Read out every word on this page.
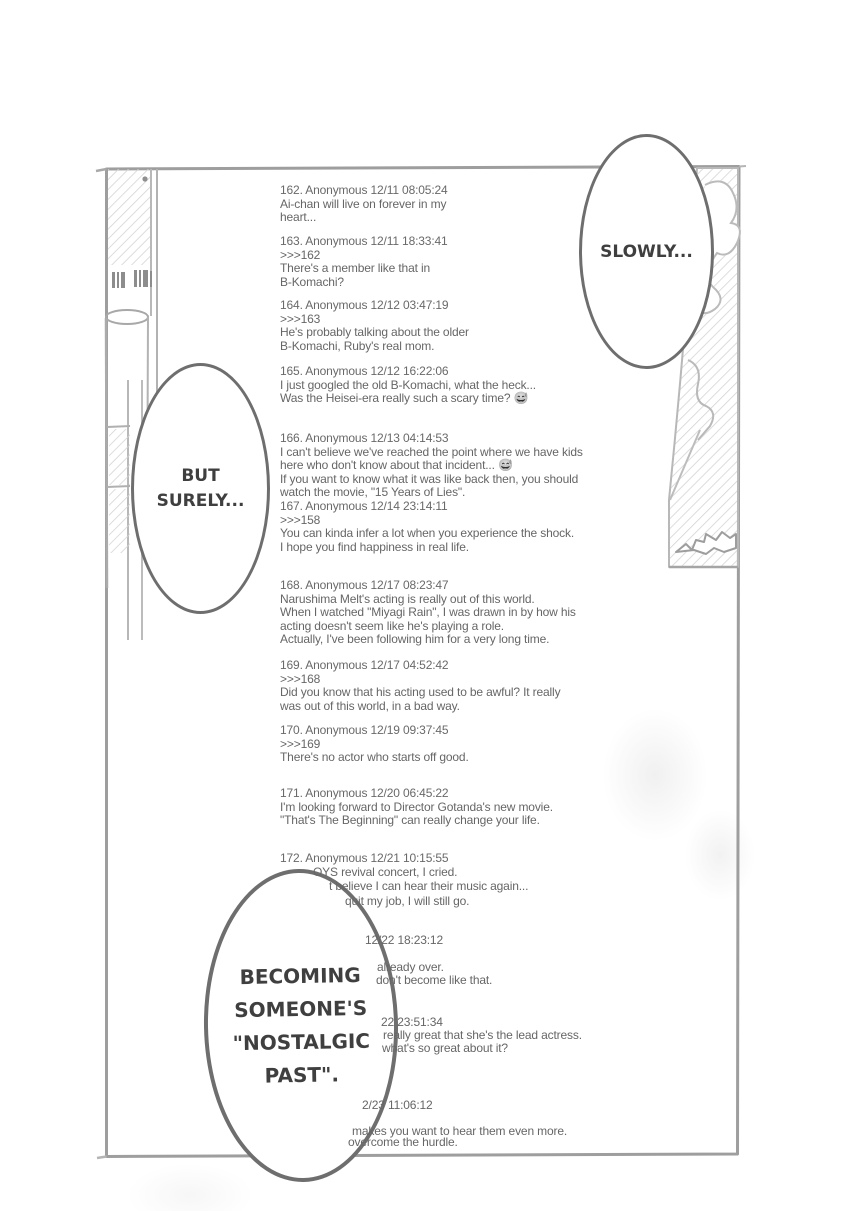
162. Anonymous 12/11 08:05:24
Ai-chan will live on forever in my
heart...
163. Anonymous 12/11 18:33:41
>>>162
There's a member like that in
B-Komachi?
164. Anonymous 12/12 03:47:19
>>>163
He's probably talking about the older
B-Komachi, Ruby's real mom.
165. Anonymous 12/12 16:22:06
I just googled the old B-Komachi, what the heck...
Was the Heisei-era really such a scary time? 😅
166. Anonymous 12/13 04:14:53
I can't believe we've reached the point where we have kids
here who don't know about that incident... 😅
If you want to know what it was like back then, you should
watch the movie, "15 Years of Lies".
167. Anonymous 12/14 23:14:11
>>>158
You can kinda infer a lot when you experience the shock.
I hope you find happiness in real life.
168. Anonymous 12/17 08:23:47
Narushima Melt's acting is really out of this world.
When I watched "Miyagi Rain", I was drawn in by how his
acting doesn't seem like he's playing a role.
Actually, I've been following him for a very long time.
169. Anonymous 12/17 04:52:42
>>>168
Did you know that his acting used to be awful? It really
was out of this world, in a bad way.
170. Anonymous 12/19 09:37:45
>>>169
There's no actor who starts off good.
171. Anonymous 12/20 06:45:22
I'm looking forward to Director Gotanda's new movie.
"That's The Beginning" can really change your life.
172. Anonymous 12/21 10:15:55
SLOWLY...
BUT
SURELY...
BECOMING
SOMEONE'S
"NOSTALGIC
PAST".
OYS revival concert, I cried.
t believe I can hear their music again...
quit my job, I will still go.
12/22 18:23:12
already over.
don't become like that.
22 23:51:34
really great that she's the lead actress.
what's so great about it?
2/23 11:06:12
makes you want to hear them even more.
overcome the hurdle.
